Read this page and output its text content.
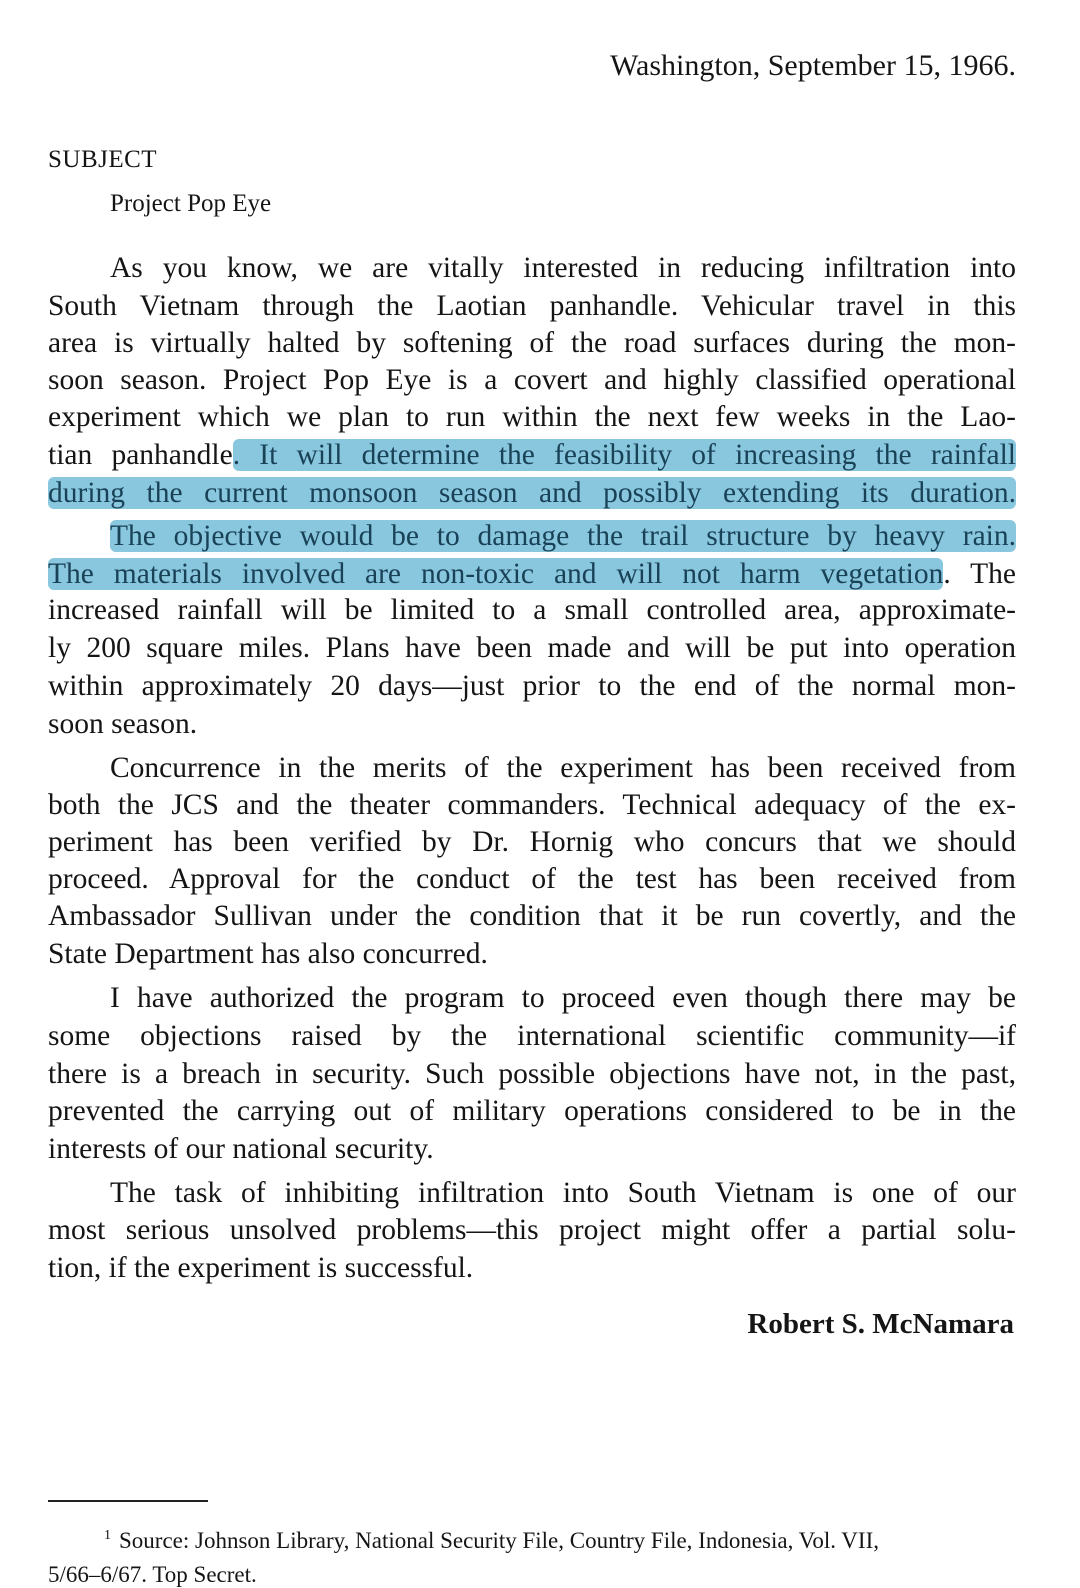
Washington, September 15, 1966.
SUBJECT
Project Pop Eye
As you know, we are vitally interested in reducing infiltration into
South Vietnam through the Laotian panhandle. Vehicular travel in this
area is virtually halted by softening of the road surfaces during the mon-
soon season. Project Pop Eye is a covert and highly classified operational
experiment which we plan to run within the next few weeks in the Lao-
tian panhandle. It will determine the feasibility of increasing the rainfall
during the current monsoon season and possibly extending its duration.
The objective would be to damage the trail structure by heavy rain.
The materials involved are non-toxic and will not harm vegetation. The
increased rainfall will be limited to a small controlled area, approximate-
ly 200 square miles. Plans have been made and will be put into operation
within approximately 20 days—just prior to the end of the normal mon-
soon season.
Concurrence in the merits of the experiment has been received from
both the JCS and the theater commanders. Technical adequacy of the ex-
periment has been verified by Dr. Hornig who concurs that we should
proceed. Approval for the conduct of the test has been received from
Ambassador Sullivan under the condition that it be run covertly, and the
State Department has also concurred.
I have authorized the program to proceed even though there may be
some objections raised by the international scientific community—if
there is a breach in security. Such possible objections have not, in the past,
prevented the carrying out of military operations considered to be in the
interests of our national security.
The task of inhibiting infiltration into South Vietnam is one of our
most serious unsolved problems—this project might offer a partial solu-
tion, if the experiment is successful.
Robert S. McNamara
$^1$ Source: Johnson Library, National Security File, Country File, Indonesia, Vol. VII,
5/66–6/67. Top Secret.
